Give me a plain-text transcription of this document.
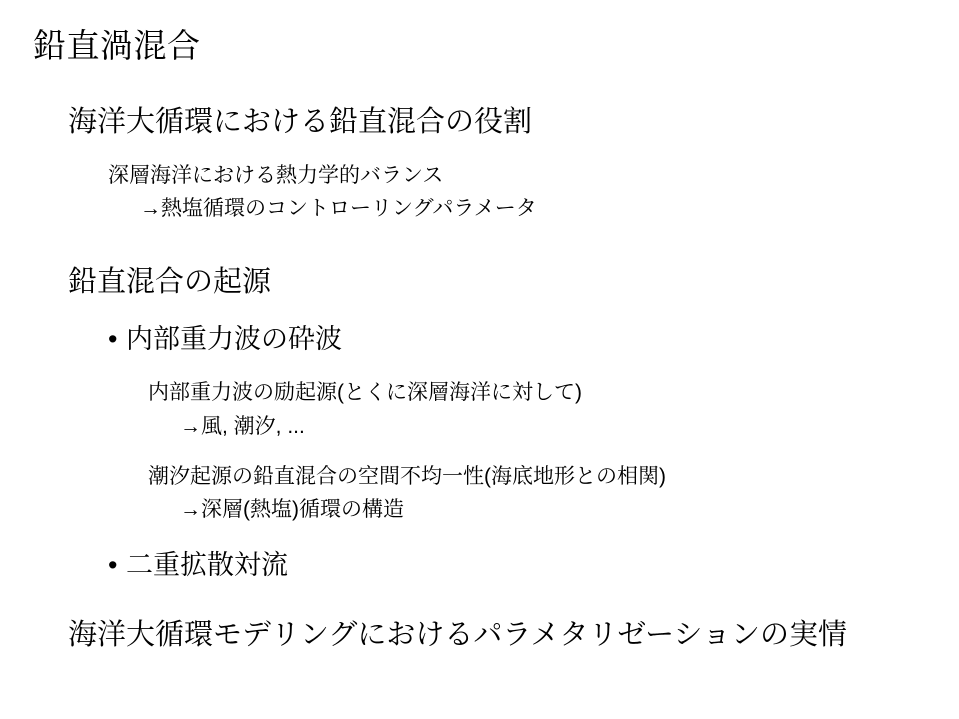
鉛直渦混合
海洋大循環における鉛直混合の役割
深層海洋における熱力学的バランス
→熱塩循環のコントローリングパラメータ
鉛直混合の起源
• 内部重力波の砕波
内部重力波の励起源(とくに深層海洋に対して)
→風, 潮汐, ...
潮汐起源の鉛直混合の空間不均一性(海底地形との相関)
→深層(熱塩)循環の構造
• 二重拡散対流
海洋大循環モデリングにおけるパラメタリゼーションの実情
